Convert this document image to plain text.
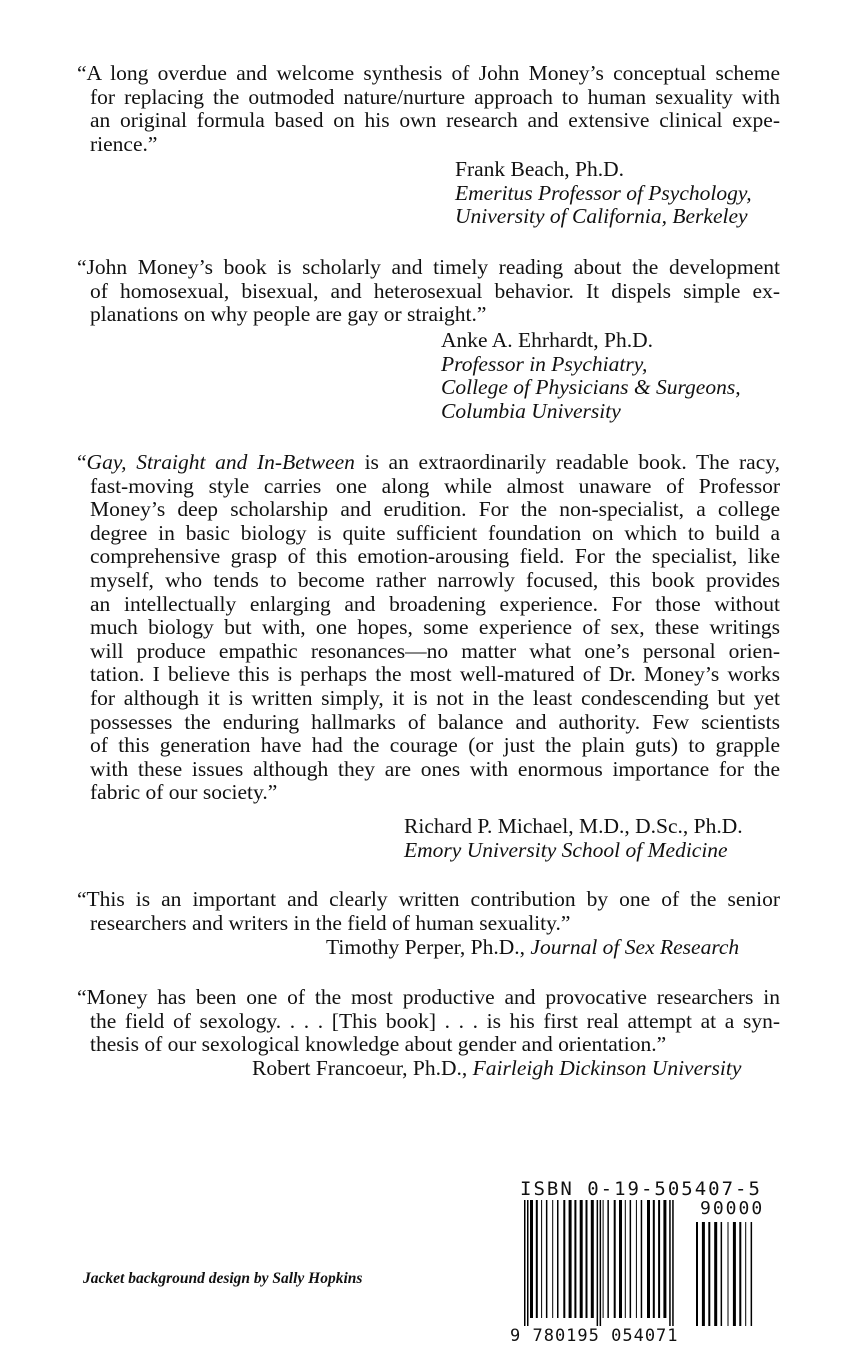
“A long overdue and welcome synthesis of John Money’s conceptual scheme
for replacing the outmoded nature/nurture approach to human sexuality with
an original formula based on his own research and extensive clinical expe-
rience.”
Frank Beach, Ph.D.
Emeritus Professor of Psychology,
University of California, Berkeley
“John Money’s book is scholarly and timely reading about the development
of homosexual, bisexual, and heterosexual behavior. It dispels simple ex-
planations on why people are gay or straight.”
Anke A. Ehrhardt, Ph.D.
Professor in Psychiatry,
College of Physicians & Surgeons,
Columbia University
“Gay, Straight and In-Between is an extraordinarily readable book. The racy,
fast-moving style carries one along while almost unaware of Professor
Money’s deep scholarship and erudition. For the non-specialist, a college
degree in basic biology is quite sufficient foundation on which to build a
comprehensive grasp of this emotion-arousing field. For the specialist, like
myself, who tends to become rather narrowly focused, this book provides
an intellectually enlarging and broadening experience. For those without
much biology but with, one hopes, some experience of sex, these writings
will produce empathic resonances—no matter what one’s personal orien-
tation. I believe this is perhaps the most well-matured of Dr. Money’s works
for although it is written simply, it is not in the least condescending but yet
possesses the enduring hallmarks of balance and authority. Few scientists
of this generation have had the courage (or just the plain guts) to grapple
with these issues although they are ones with enormous importance for the
fabric of our society.”
Richard P. Michael, M.D., D.Sc., Ph.D.
Emory University School of Medicine
“This is an important and clearly written contribution by one of the senior
researchers and writers in the field of human sexuality.”
Timothy Perper, Ph.D., Journal of Sex Research
“Money has been one of the most productive and provocative researchers in
the field of sexology. . . . [This book] . . . is his first real attempt at a syn-
thesis of our sexological knowledge about gender and orientation.”
Robert Francoeur, Ph.D., Fairleigh Dickinson University
Jacket background design by Sally Hopkins
ISBN 0-19-505407-5
90000
9 780195 054071
